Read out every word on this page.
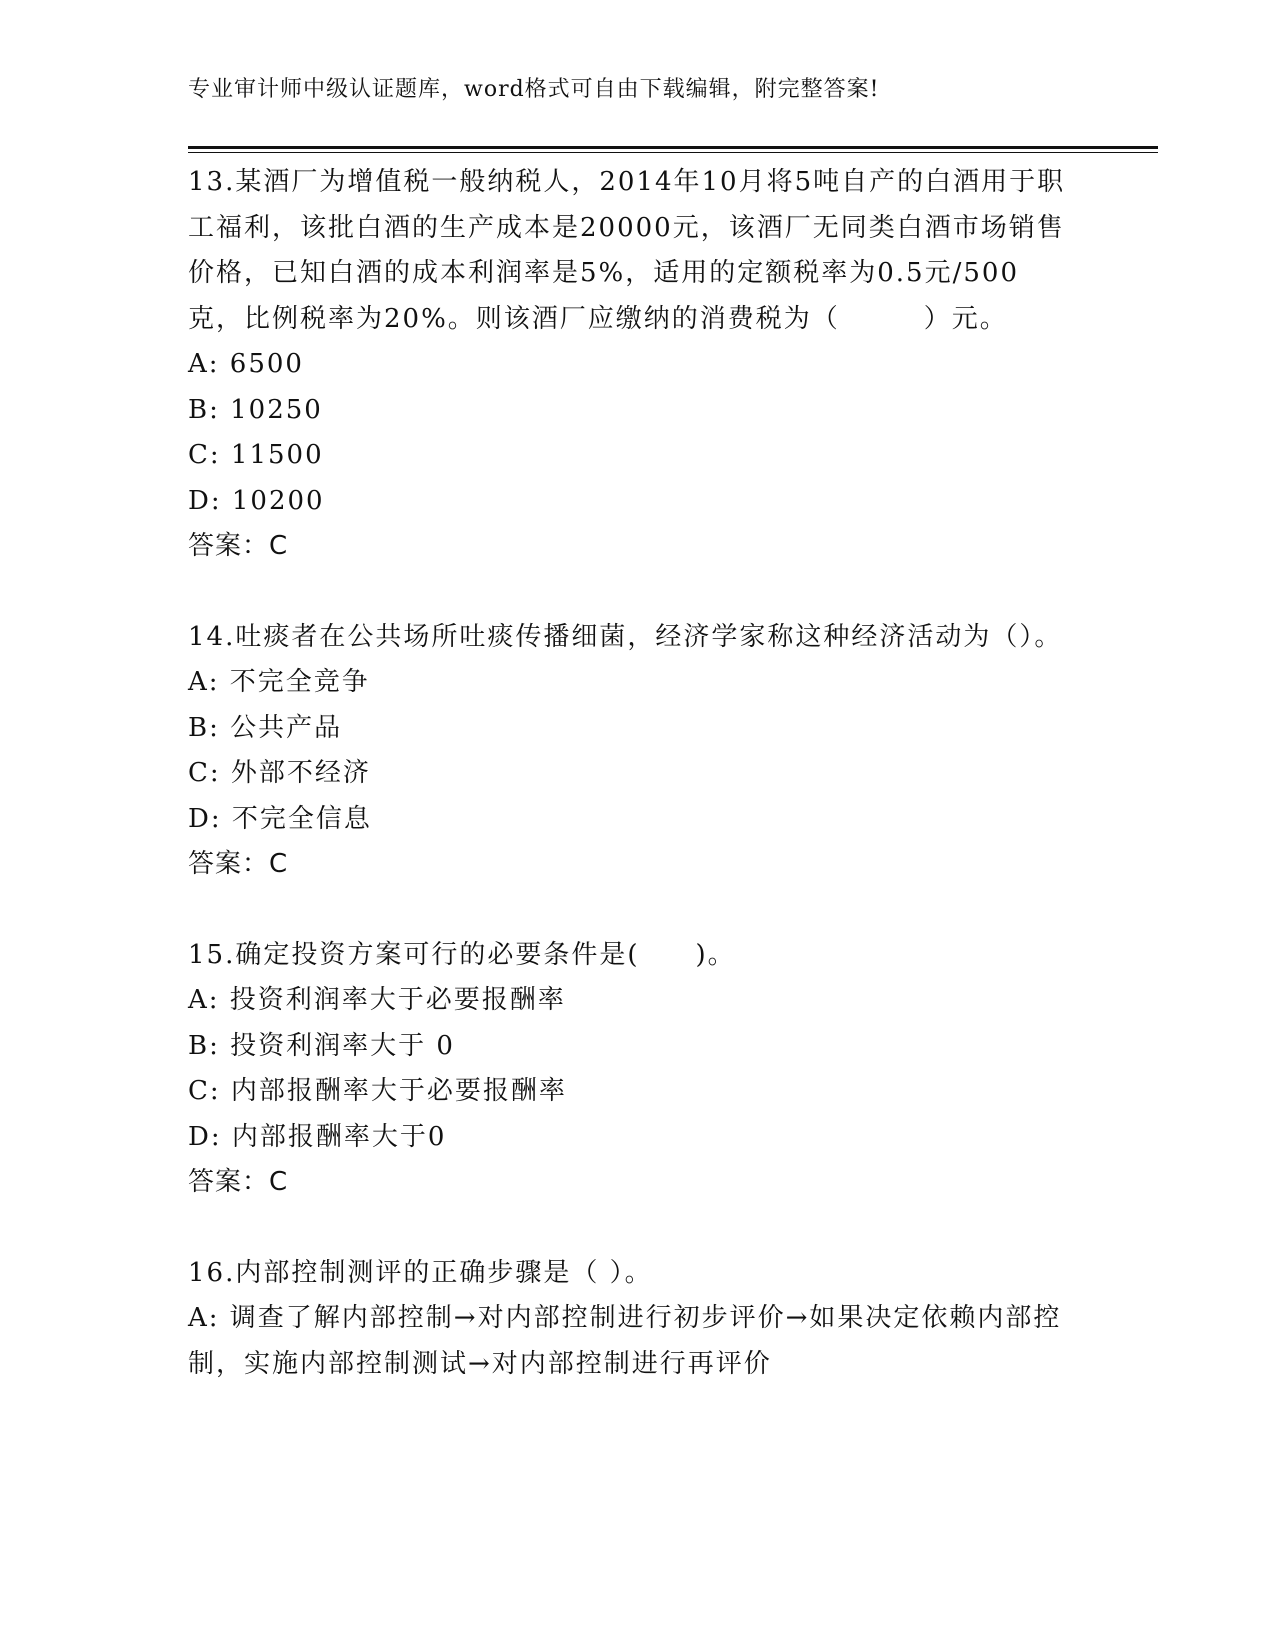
专业审计师中级认证题库，word格式可自由下载编辑，附完整答案!

13.某酒厂为增值税一般纳税人，2014年10月将5吨自产的白酒用于职工福利，该批白酒的生产成本是20000元，该酒厂无同类白酒市场销售价格，已知白酒的成本利润率是5%，适用的定额税率为0.5元/500克，比例税率为20%。则该酒厂应缴纳的消费税为（　　　）元。

A: 6500

B: 10250

C: 11500

D: 10200

答案：C

14.吐痰者在公共场所吐痰传播细菌，经济学家称这种经济活动为（）。

A: 不完全竞争

B: 公共产品

C: 外部不经济

D: 不完全信息

答案：C

15.确定投资方案可行的必要条件是(　　)。

A: 投资利润率大于必要报酬率

B: 投资利润率大于 0

C: 内部报酬率大于必要报酬率

D: 内部报酬率大于0

答案：C

16.内部控制测评的正确步骤是（ ）。

A: 调查了解内部控制→对内部控制进行初步评价→如果决定依赖内部控制，实施内部控制测试→对内部控制进行再评价
